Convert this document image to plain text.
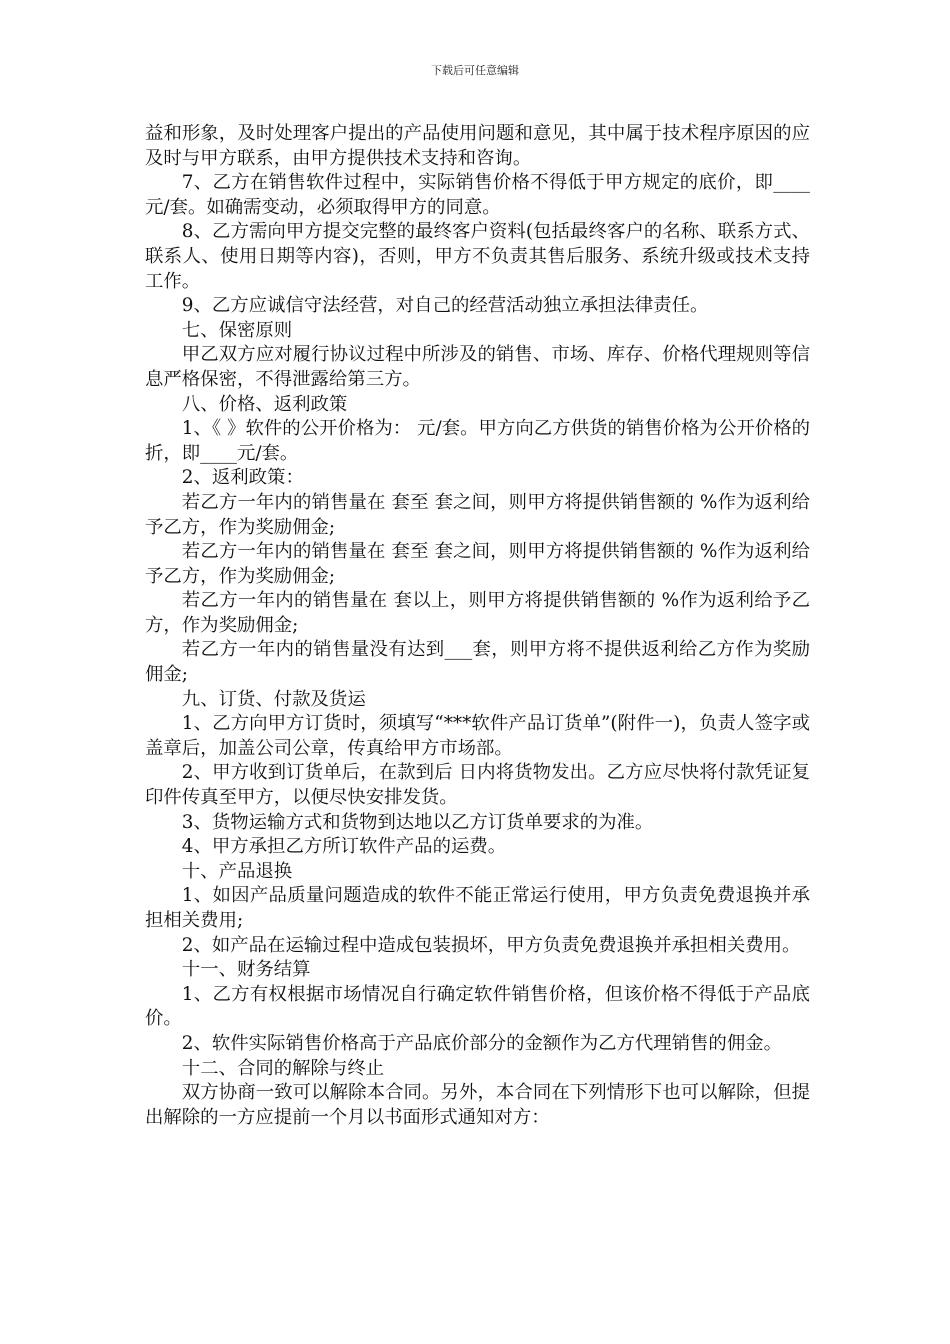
下载后可任意编辑

益和形象，及时处理客户提出的产品使用问题和意见，其中属于技术程序原因的应及时与甲方联系，由甲方提供技术支持和咨询。

7、乙方在销售软件过程中，实际销售价格不得低于甲方规定的底价，即____元/套。如确需变动，必须取得甲方的同意。

8、乙方需向甲方提交完整的最终客户资料(包括最终客户的名称、联系方式、联系人、使用日期等内容)，否则，甲方不负责其售后服务、系统升级或技术支持工作。

9、乙方应诚信守法经营，对自己的经营活动独立承担法律责任。

七、保密原则

甲乙双方应对履行协议过程中所涉及的销售、市场、库存、价格代理规则等信息严格保密，不得泄露给第三方。

八、价格、返利政策

1、《 》软件的公开价格为： 元/套。甲方向乙方供货的销售价格为公开价格的 折，即____元/套。

2、返利政策：

若乙方一年内的销售量在 套至 套之间，则甲方将提供销售额的 %作为返利给予乙方，作为奖励佣金;

若乙方一年内的销售量在 套至 套之间，则甲方将提供销售额的 %作为返利给予乙方，作为奖励佣金;

若乙方一年内的销售量在 套以上，则甲方将提供销售额的 %作为返利给予乙方，作为奖励佣金;

若乙方一年内的销售量没有达到___套，则甲方将不提供返利给乙方作为奖励佣金;

九、订货、付款及货运

1、乙方向甲方订货时，须填写“***软件产品订货单”(附件一)，负责人签字或盖章后，加盖公司公章，传真给甲方市场部。

2、甲方收到订货单后，在款到后 日内将货物发出。乙方应尽快将付款凭证复印件传真至甲方，以便尽快安排发货。

3、货物运输方式和货物到达地以乙方订货单要求的为准。

4、甲方承担乙方所订软件产品的运费。

十、产品退换

1、如因产品质量问题造成的软件不能正常运行使用，甲方负责免费退换并承担相关费用;

2、如产品在运输过程中造成包装损坏，甲方负责免费退换并承担相关费用。

十一、财务结算

1、乙方有权根据市场情况自行确定软件销售价格，但该价格不得低于产品底价。

2、软件实际销售价格高于产品底价部分的金额作为乙方代理销售的佣金。

十二、合同的解除与终止

双方协商一致可以解除本合同。另外，本合同在下列情形下也可以解除，但提出解除的一方应提前一个月以书面形式通知对方：
